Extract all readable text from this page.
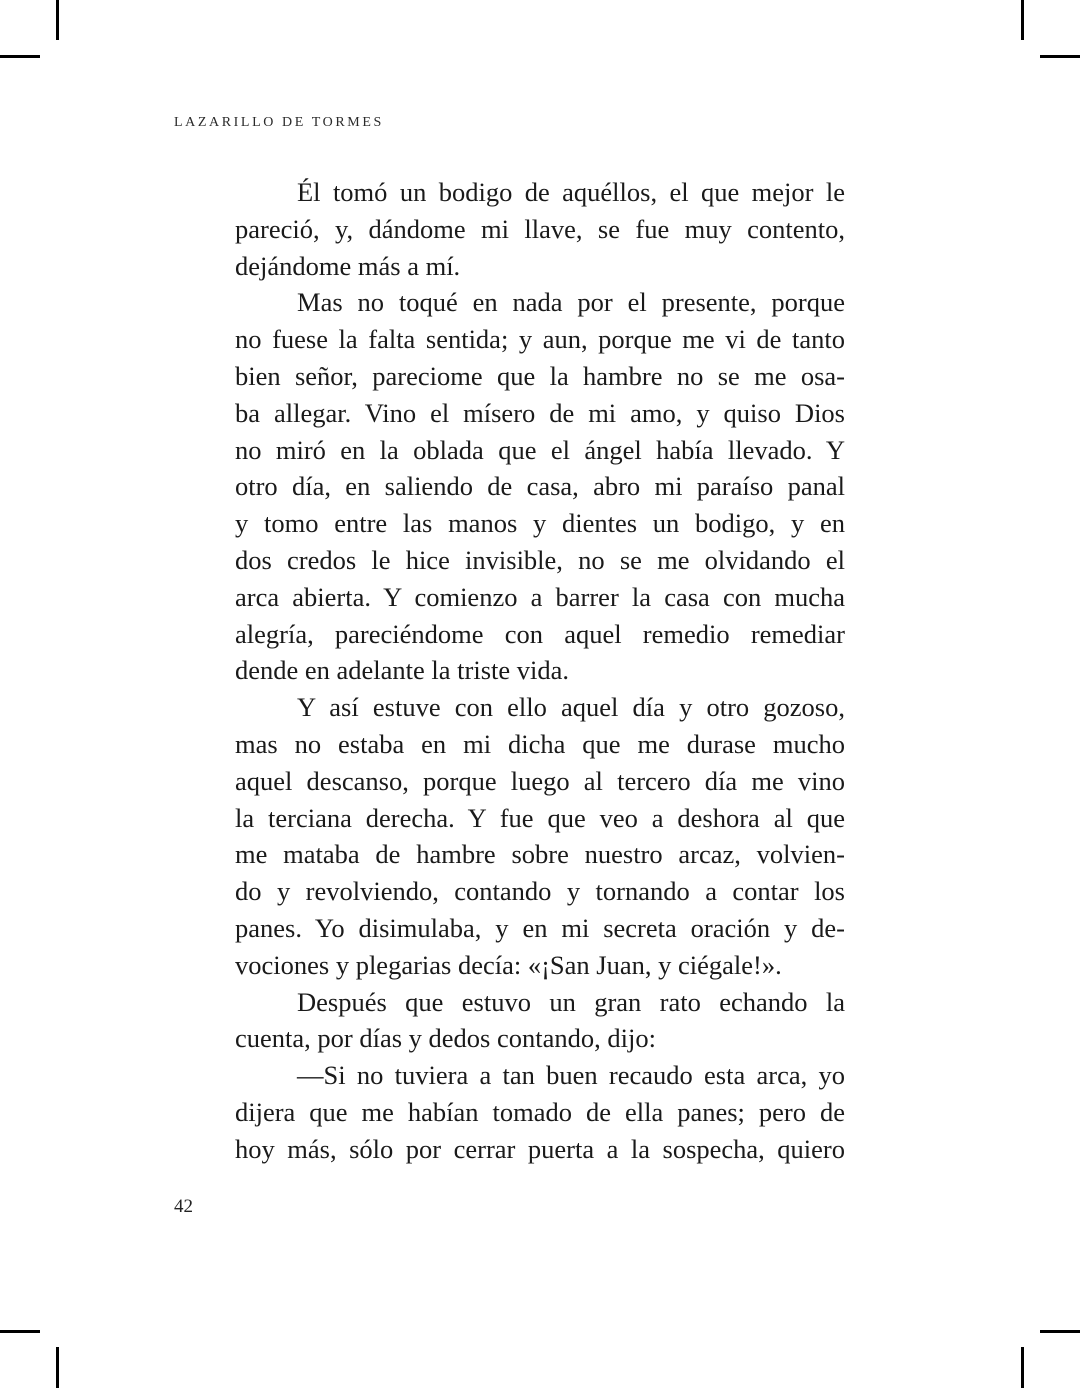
LAZARILLO DE TORMES
Él tomó un bodigo de aquéllos, el que mejor le
pareció, y, dándome mi llave, se fue muy contento,
dejándome más a mí.
Mas no toqué en nada por el presente, porque
no fuese la falta sentida; y aun, porque me vi de tanto
bien señor, pareciome que la hambre no se me osa-
ba allegar. Vino el mísero de mi amo, y quiso Dios
no miró en la oblada que el ángel había llevado. Y
otro día, en saliendo de casa, abro mi paraíso panal
y tomo entre las manos y dientes un bodigo, y en
dos credos le hice invisible, no se me olvidando el
arca abierta. Y comienzo a barrer la casa con mucha
alegría, pareciéndome con aquel remedio remediar
dende en adelante la triste vida.
Y así estuve con ello aquel día y otro gozoso,
mas no estaba en mi dicha que me durase mucho
aquel descanso, porque luego al tercero día me vino
la terciana derecha. Y fue que veo a deshora al que
me mataba de hambre sobre nuestro arcaz, volvien-
do y revolviendo, contando y tornando a contar los
panes. Yo disimulaba, y en mi secreta oración y de-
vociones y plegarias decía: «¡San Juan, y ciégale!».
Después que estuvo un gran rato echando la
cuenta, por días y dedos contando, dijo:
—Si no tuviera a tan buen recaudo esta arca, yo
dijera que me habían tomado de ella panes; pero de
hoy más, sólo por cerrar puerta a la sospecha, quiero
42
